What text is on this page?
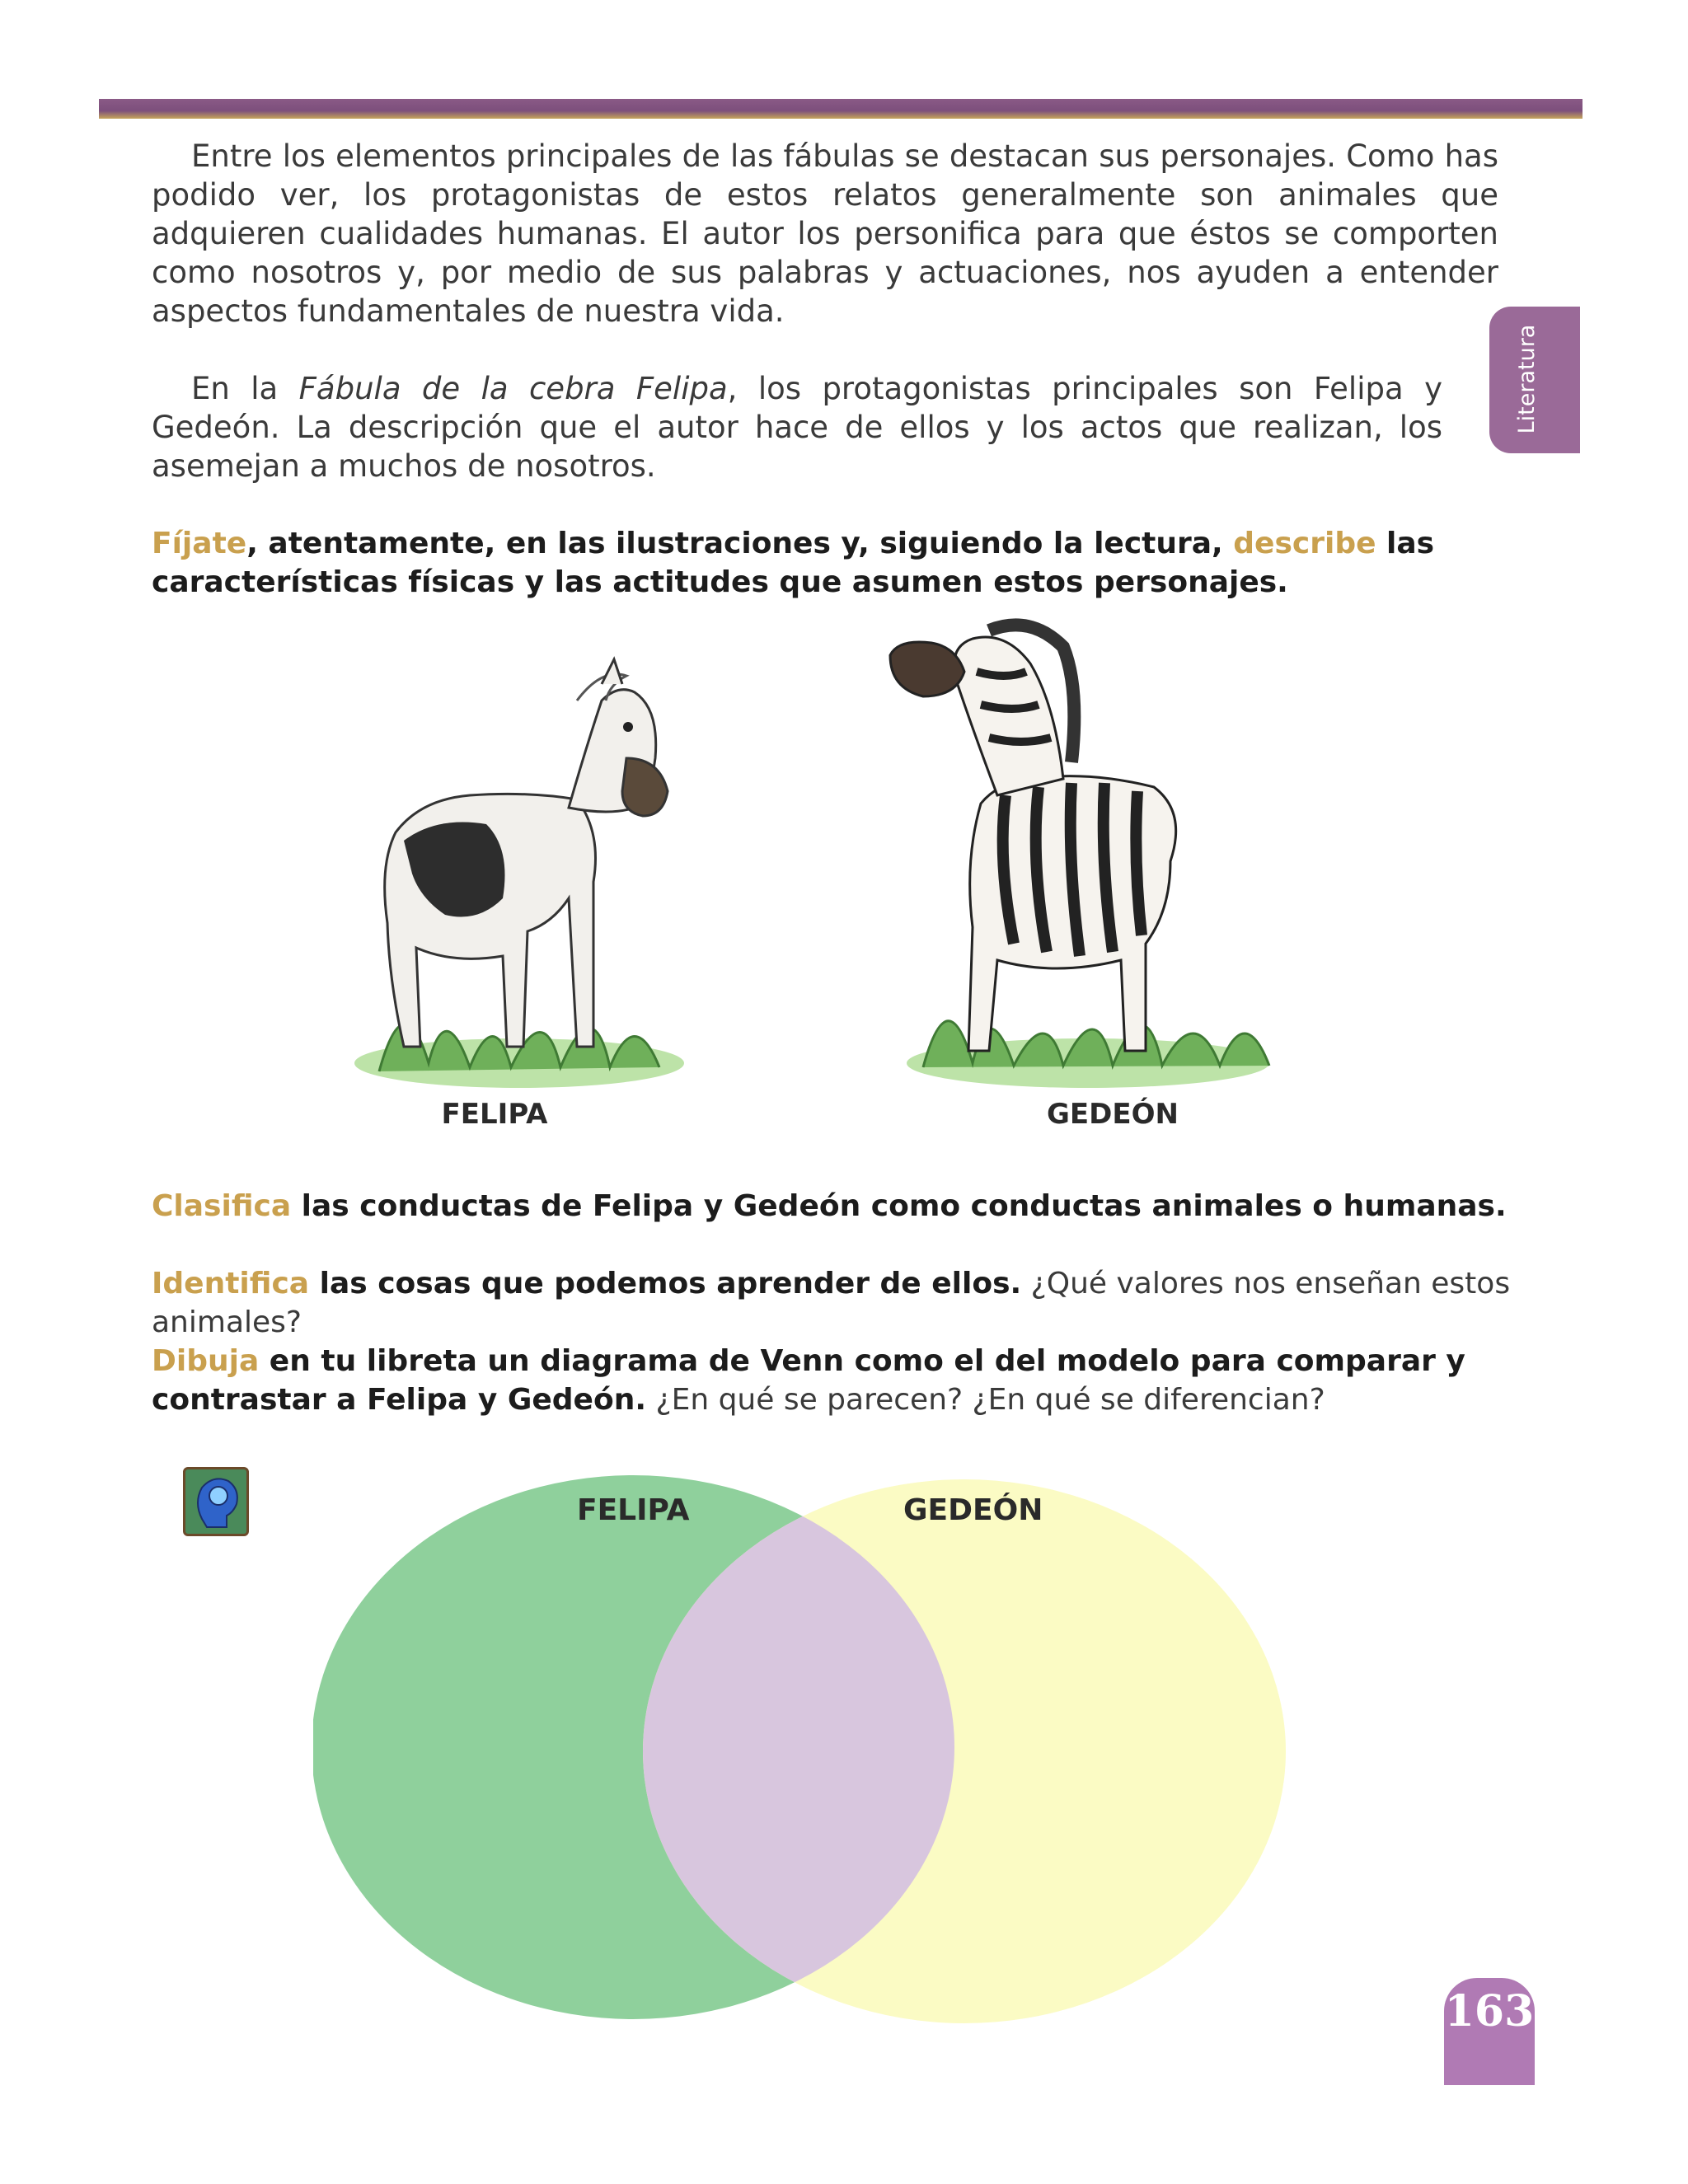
Literatura

Entre los elementos principales de las fábulas se destacan sus personajes. Como has podido ver, los protagonistas de estos relatos generalmente son animales que adquieren cualidades humanas. El autor los personifica para que éstos se comporten como nosotros y, por medio de sus palabras y actuaciones, nos ayuden a entender aspectos fundamentales de nuestra vida.

En la Fábula de la cebra Felipa, los protagonistas principales son Felipa y Gedeón. La descripción que el autor hace de ellos y los actos que realizan, los asemejan a muchos de nosotros.

Fíjate, atentamente, en las ilustraciones y, siguiendo la lectura, describe las características físicas y las actitudes que asumen estos personajes.

FELIPA	GEDEÓN

Clasifica las conductas de Felipa y Gedeón como conductas animales o humanas.

Identifica las cosas que podemos aprender de ellos. ¿Qué valores nos enseñan estos animales?

Dibuja en tu libreta un diagrama de Venn como el del modelo para comparar y contrastar a Felipa y Gedeón. ¿En qué se parecen? ¿En qué se diferencian?

FELIPA	GEDEÓN
163
